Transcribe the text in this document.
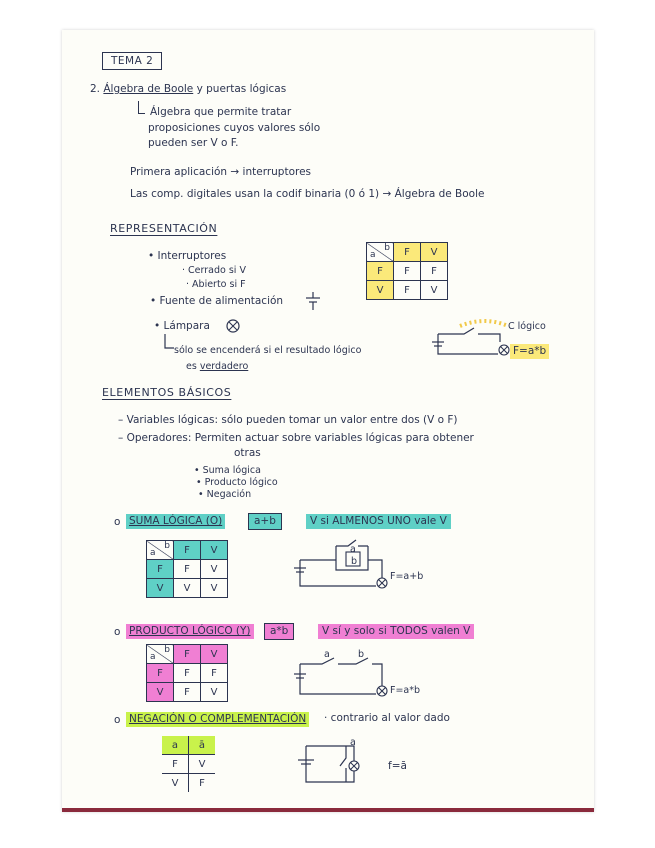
TEMA 2
2. Álgebra de Boole y puertas lógicas
Álgebra que permite tratar
proposiciones cuyos valores sólo
pueden ser V o F.
Primera aplicación → interruptores
Las comp. digitales usan la codif binaria (0 ó 1) → Álgebra de Boole
REPRESENTACIÓN
• Interruptores
· Cerrado si V
· Abierto si F
• Fuente de alimentación
• Lámpara
sólo se encenderá si el resultado lógico
es verdadero
a
b	F	V
F	F	F
V	F	V
C lógico
F=a*b
ELEMENTOS BÁSICOS
– Variables lógicas: sólo pueden tomar un valor entre dos (V o F)
– Operadores: Permiten actuar sobre variables lógicas para obtener
otras
• Suma lógica
• Producto lógico
• Negación
o SUMA LÓGICA (O)	a+b	V si ALMENOS UNO vale V
a
b	F	V
F	F	V
V	V	V
a
b
F=a+b
o PRODUCTO LÓGICO (Y)	a*b	V sí y solo si TODOS valen V
a
b	F	V
F	F	F
V	F	V
a	b
F=a*b
o NEGACIÓN O COMPLEMENTACIÓN · contrario al valor dado
a	ā
F	V
V	F
a
f=ā
